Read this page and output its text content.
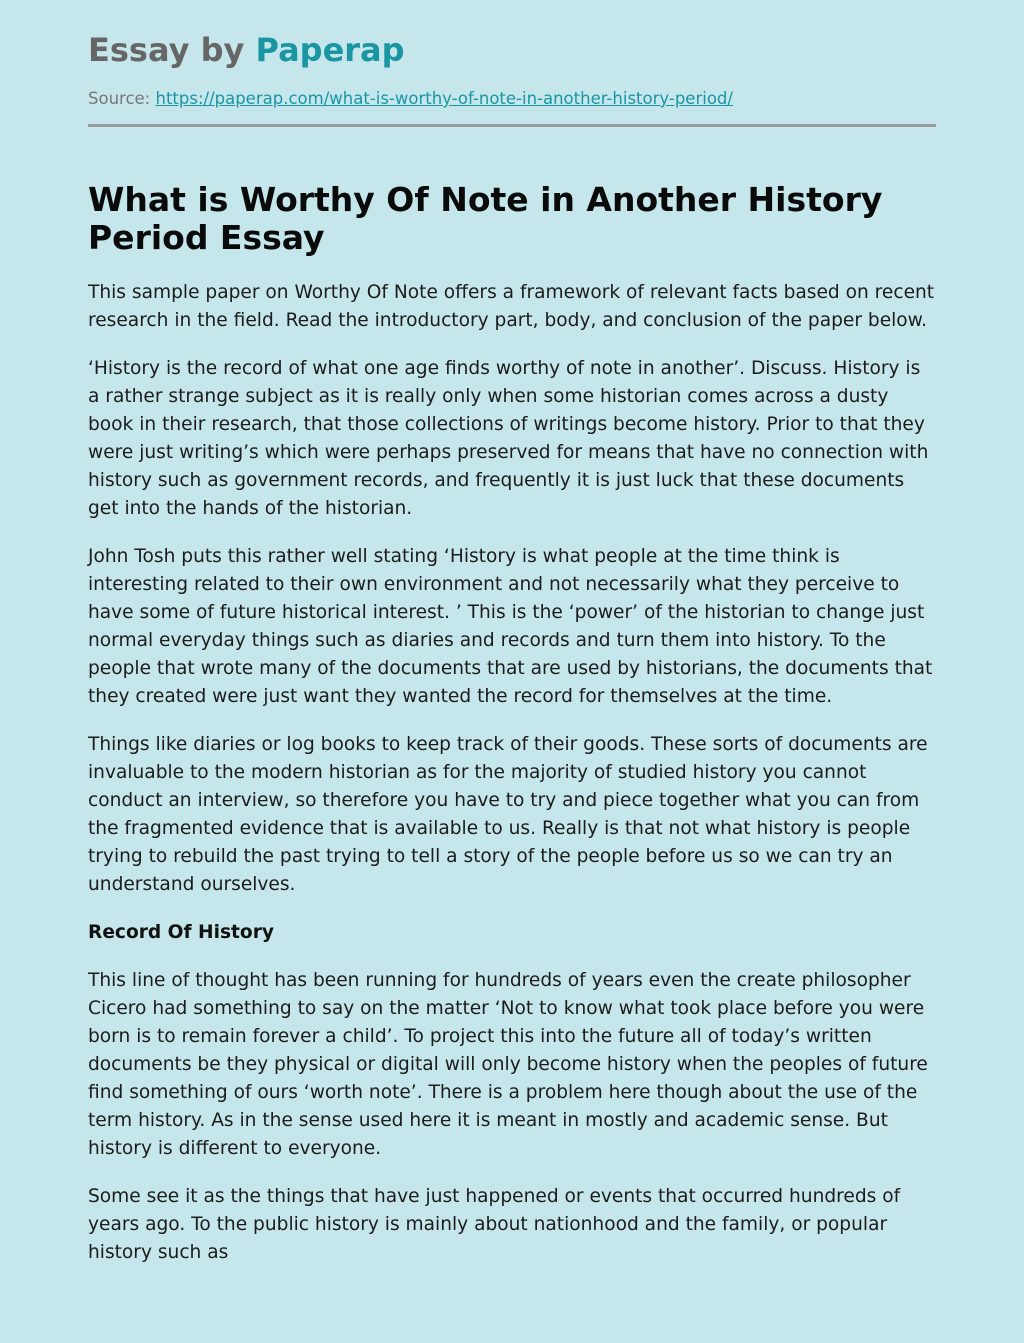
Essay by Paperap
Source: https://paperap.com/what-is-worthy-of-note-in-another-history-period/
What is Worthy Of Note in Another History Period Essay

This sample paper on Worthy Of Note offers a framework of relevant facts based on recent research in the field. Read the introductory part, body, and conclusion of the paper below.

‘History is the record of what one age finds worthy of note in another’. Discuss. History is a rather strange subject as it is really only when some historian comes across a dusty book in their research, that those collections of writings become history. Prior to that they were just writing’s which were perhaps preserved for means that have no connection with history such as government records, and frequently it is just luck that these documents get into the hands of the historian.

John Tosh puts this rather well stating ‘History is what people at the time think is interesting related to their own environment and not necessarily what they perceive to have some of future historical interest. ’ This is the ‘power’ of the historian to change just normal everyday things such as diaries and records and turn them into history. To the people that wrote many of the documents that are used by historians, the documents that they created were just want they wanted the record for themselves at the time.

Things like diaries or log books to keep track of their goods. These sorts of documents are invaluable to the modern historian as for the majority of studied history you cannot conduct an interview, so therefore you have to try and piece together what you can from the fragmented evidence that is available to us. Really is that not what history is people trying to rebuild the past trying to tell a story of the people before us so we can try an understand ourselves.

Record Of History

This line of thought has been running for hundreds of years even the create philosopher Cicero had something to say on the matter ‘Not to know what took place before you were born is to remain forever a child’. To project this into the future all of today’s written documents be they physical or digital will only become history when the peoples of future find something of ours ‘worth note’. There is a problem here though about the use of the term history. As in the sense used here it is meant in mostly and academic sense. But history is different to everyone.

Some see it as the things that have just happened or events that occurred hundreds of years ago. To the public history is mainly about nationhood and the family, or popular history such as
